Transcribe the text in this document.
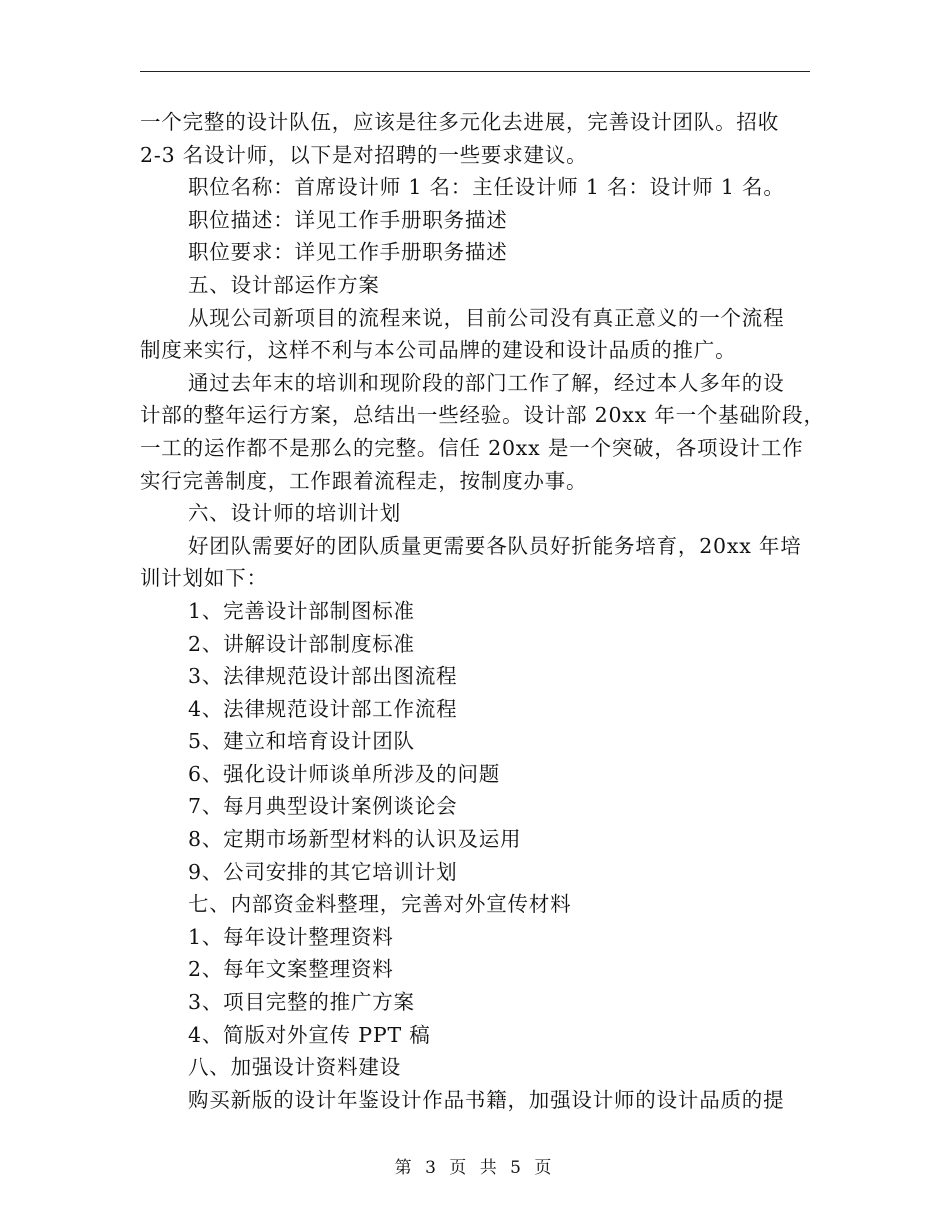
一个完整的设计队伍，应该是往多元化去进展，完善设计团队。招收
2-3 名设计师，以下是对招聘的一些要求建议。
职位名称：首席设计师 1 名：主任设计师 1 名：设计师 1 名。
职位描述：详见工作手册职务描述
职位要求：详见工作手册职务描述
五、设计部运作方案
从现公司新项目的流程来说，目前公司没有真正意义的一个流程
制度来实行，这样不利与本公司品牌的建设和设计品质的推广。
通过去年末的培训和现阶段的部门工作了解，经过本人多年的设
计部的整年运行方案，总结出一些经验。设计部 20xx 年一个基础阶段，
一工的运作都不是那么的完整。信任 20xx 是一个突破，各项设计工作
实行完善制度，工作跟着流程走，按制度办事。
六、设计师的培训计划
好团队需要好的团队质量更需要各队员好折能务培育，20xx 年培
训计划如下：
1、完善设计部制图标准
2、讲解设计部制度标准
3、法律规范设计部出图流程
4、法律规范设计部工作流程
5、建立和培育设计团队
6、强化设计师谈单所涉及的问题
7、每月典型设计案例谈论会
8、定期市场新型材料的认识及运用
9、公司安排的其它培训计划
七、内部资金料整理，完善对外宣传材料
1、每年设计整理资料
2、每年文案整理资料
3、项目完整的推广方案
4、简版对外宣传 PPT 稿
八、加强设计资料建设
购买新版的设计年鉴设计作品书籍，加强设计师的设计品质的提
第 3 页 共 5 页
